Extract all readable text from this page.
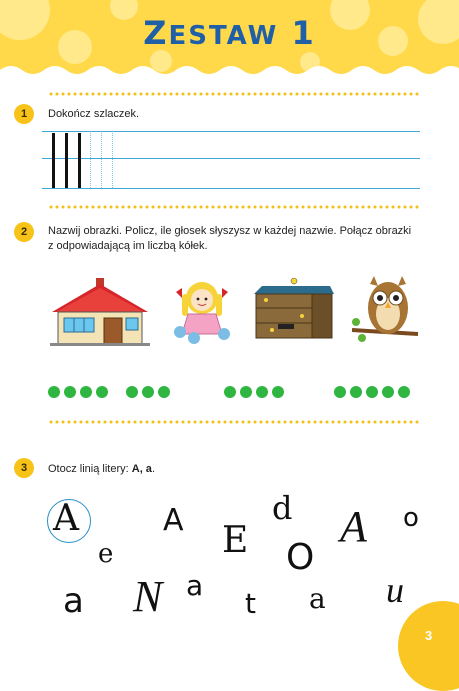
ZESTAW 1
1	Dokończ szlaczek.
2	Nazwij obrazki. Policz, ile głosek słyszysz w każdej nazwie. Połącz obrazki
z odpowiadającą im liczbą kółek.
3	Otocz linią litery: A, a.
A	A	d A o
e	E O
a N a
t a u
3
